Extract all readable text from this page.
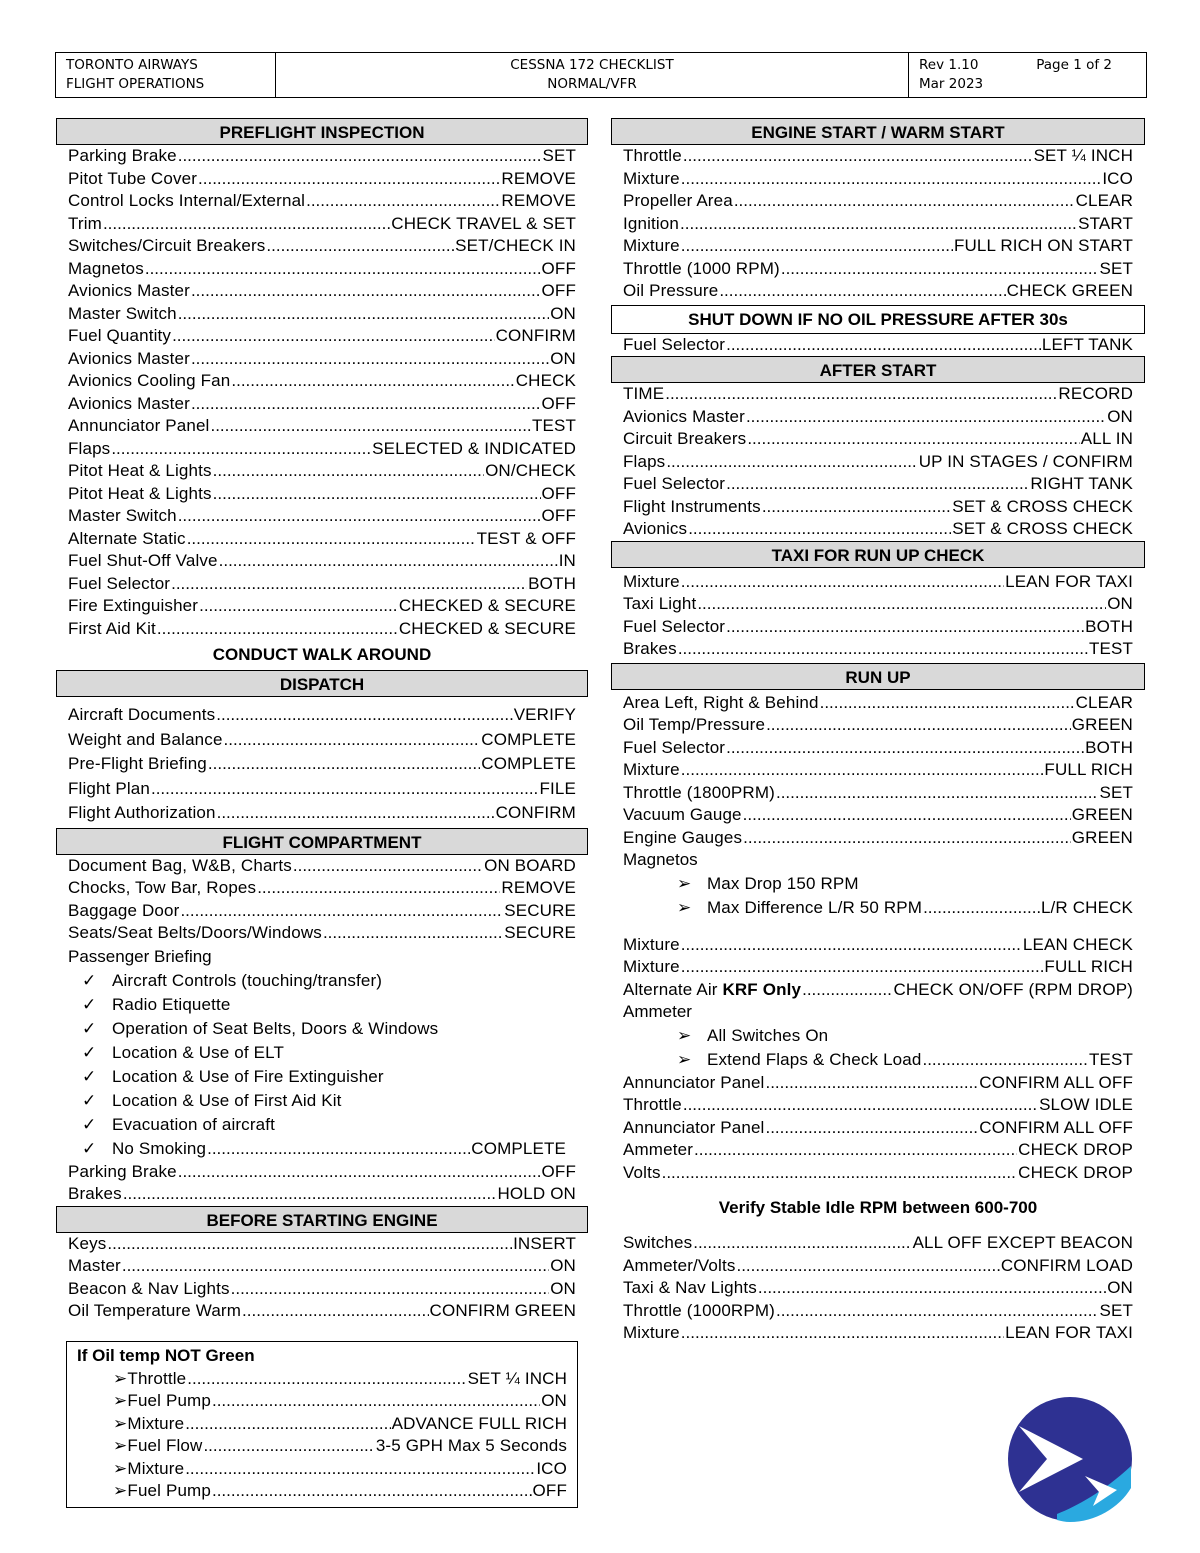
TORONTO AIRWAYS
FLIGHT OPERATIONS
CESSNA 172 CHECKLIST
NORMAL/VFR
Rev 1.10
Mar 2023
Page 1 of 2
PREFLIGHT INSPECTION
Parking Brake .....	SET
Pitot Tube Cover .....	REMOVE
Control Locks Internal/External .....	REMOVE
Trim .....	CHECK TRAVEL & SET
Switches/Circuit Breakers .....	SET/CHECK IN
Magnetos .....	OFF
Avionics Master .....	OFF
Master Switch .....	ON
Fuel Quantity .....	CONFIRM
Avionics Master .....	ON
Avionics Cooling Fan .....	CHECK
Avionics Master .....	OFF
Annunciator Panel .....	TEST
Flaps .....	SELECTED & INDICATED
Pitot Heat & Lights .....	ON/CHECK
Pitot Heat & Lights .....	OFF
Master Switch .....	OFF
Alternate Static .....	TEST & OFF
Fuel Shut-Off Valve .....	IN
Fuel Selector .....	BOTH
Fire Extinguisher .....	CHECKED & SECURE
First Aid Kit .....	CHECKED & SECURE
CONDUCT WALK AROUND
DISPATCH
Aircraft Documents .....	VERIFY
Weight and Balance .....	COMPLETE
Pre-Flight Briefing .....	COMPLETE
Flight Plan .....	FILE
Flight Authorization .....	CONFIRM
FLIGHT COMPARTMENT
Document Bag, W&B, Charts .....	ON BOARD
Chocks, Tow Bar, Ropes .....	REMOVE
Baggage Door .....	SECURE
Seats/Seat Belts/Doors/Windows .....	SECURE
Passenger Briefing
✓ Aircraft Controls (touching/transfer)
✓ Radio Etiquette
✓ Operation of Seat Belts, Doors & Windows
✓ Location & Use of ELT
✓ Location & Use of Fire Extinguisher
✓ Location & Use of First Aid Kit
✓ Evacuation of aircraft
✓ No Smoking .....	COMPLETE
Parking Brake .....	OFF
Brakes .....	HOLD ON
BEFORE STARTING ENGINE
Keys .....	INSERT
Master .....	ON
Beacon & Nav Lights .....	ON
Oil Temperature Warm .....	CONFIRM GREEN
If Oil temp NOT Green
➢ Throttle .....	SET ¼ INCH
➢ Fuel Pump .....	ON
➢ Mixture .....	ADVANCE FULL RICH
➢ Fuel Flow .....	3-5 GPH Max 5 Seconds
➢ Mixture .....	ICO
➢ Fuel Pump .....	OFF
ENGINE START / WARM START
Throttle .....	SET ¼ INCH
Mixture .....	ICO
Propeller Area .....	CLEAR
Ignition .....	START
Mixture .....	FULL RICH ON START
Throttle (1000 RPM) .....	SET
Oil Pressure .....	CHECK GREEN
SHUT DOWN IF NO OIL PRESSURE AFTER 30s
Fuel Selector .....	LEFT TANK
AFTER START
TIME .....	RECORD
Avionics Master .....	ON
Circuit Breakers .....	ALL IN
Flaps .....	UP IN STAGES / CONFIRM
Fuel Selector .....	RIGHT TANK
Flight Instruments .....	SET & CROSS CHECK
Avionics .....	SET & CROSS CHECK
TAXI FOR RUN UP CHECK
Mixture .....	LEAN FOR TAXI
Taxi Light .....	ON
Fuel Selector .....	BOTH
Brakes .....	TEST
RUN UP
Area Left, Right & Behind .....	CLEAR
Oil Temp/Pressure .....	GREEN
Fuel Selector .....	BOTH
Mixture .....	FULL RICH
Throttle (1800PRM) .....	SET
Vacuum Gauge .....	GREEN
Engine Gauges .....	GREEN
Magnetos
➢ Max Drop 150 RPM
➢ Max Difference L/R 50 RPM .....	L/R CHECK
Mixture .....	LEAN CHECK
Mixture .....	FULL RICH
Alternate Air KRF Only .....	CHECK ON/OFF (RPM DROP)
Ammeter
➢ All Switches On
➢ Extend Flaps & Check Load .....	TEST
Annunciator Panel .....	CONFIRM ALL OFF
Throttle .....	SLOW IDLE
Annunciator Panel .....	CONFIRM ALL OFF
Ammeter .....	CHECK DROP
Volts .....	CHECK DROP
Verify Stable Idle RPM between 600-700
Switches .....	ALL OFF EXCEPT BEACON
Ammeter/Volts .....	CONFIRM LOAD
Taxi & Nav Lights .....	ON
Throttle (1000RPM) .....	SET
Mixture .....	LEAN FOR TAXI
